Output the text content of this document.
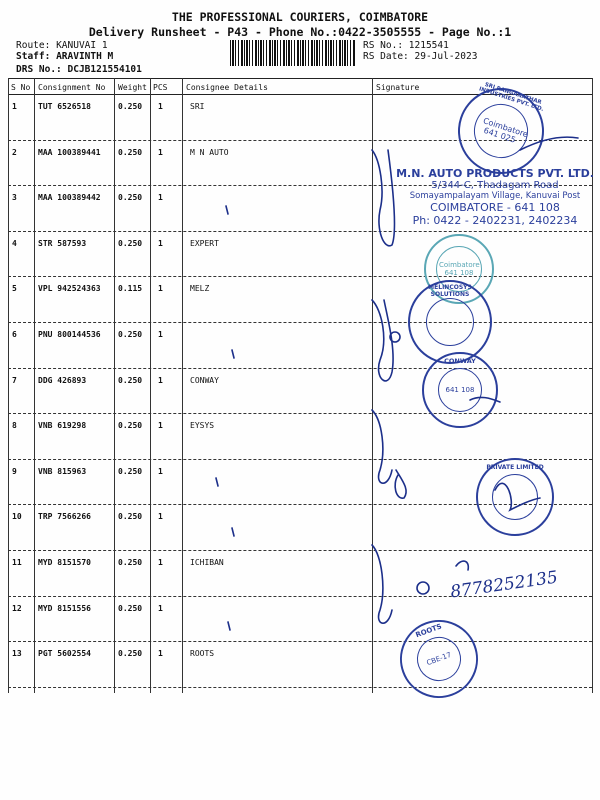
THE PROFESSIONAL COURIERS, COIMBATORE
Delivery Runsheet - P43 - Phone No.:0422-3505555 - Page No.:1
Route: KANUVAI 1
Staff: ARAVINTH M
DRS No.: DCJB121554101
RS No.: 1215541
RS Date: 29-Jul-2023
S No Consignment No Weight PCS Consignee Details	Signature
1	TUT 6526518	0.250 1	SRI
2	MAA 100389441 0.250 1	M N AUTO
3	MAA 100389442 0.250 1
4	STR 587593	0.250 1	EXPERT
5	VPL 942524363 0.115 1	MELZ
6	PNU 800144536 0.250 1
7	DDG 426893	0.250 1	CONWAY
8	VNB 619298	0.250 1	EYSYS
9	VNB 815963	0.250 1
10 TRP 7566266	0.250 1
11 MYD 8151570	0.250 1	ICHIBAN
12 MYD 8151556	0.250 1
13 PGT 5602554	0.250 1	ROOTS
Coimbatore 641 025
SRI RANGANATHAR INDUSTRIES PVT. LTD.
M.N. AUTO PRODUCTS PVT. LTD.
5/344-C, Thadagam Road
Somayampalayam Village, Kanuvai Post
COIMBATORE - 641 108
Ph: 0422 - 2402231, 2402234
Coimbatore 641 108
MELINCOSYS SOLUTIONS
641 108
CONWAY
PRIVATE LIMITED
CBE-17
ROOTS
8778252135
